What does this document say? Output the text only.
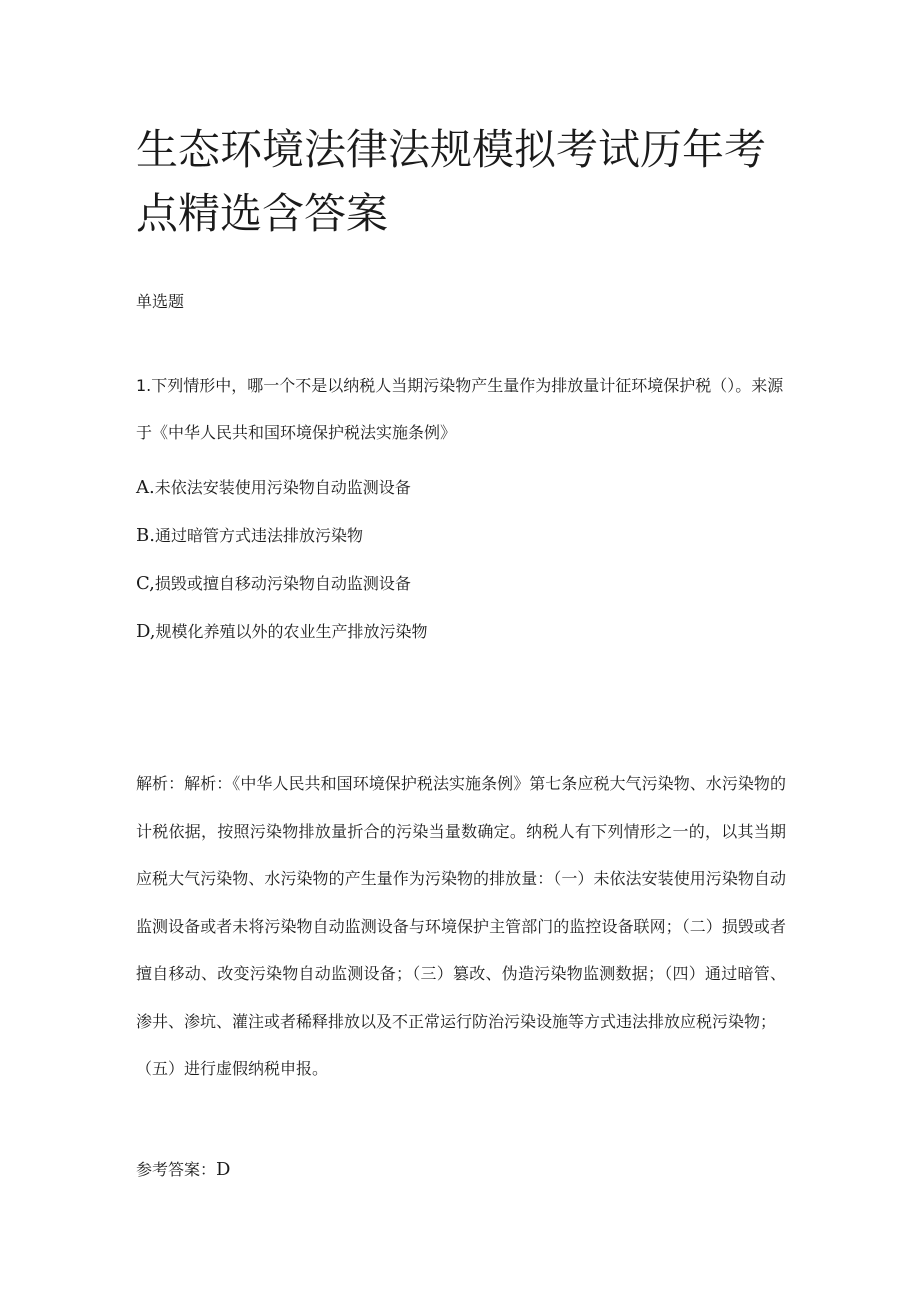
生态环境法律法规模拟考试历年考点精选含答案
单选题
1.下列情形中，哪一个不是以纳税人当期污染物产生量作为排放量计征环境保护税（）。来源于《中华人民共和国环境保护税法实施条例》
A. 未依法安装使用污染物自动监测设备
B. 通过暗管方式违法排放污染物
C, 损毁或擅自移动污染物自动监测设备
D, 规模化养殖以外的农业生产排放污染物

解析：解析：《中华人民共和国环境保护税法实施条例》第七条应税大气污染物、水污染物的计税依据，按照污染物排放量折合的污染当量数确定。纳税人有下列情形之一的，以其当期应税大气污染物、水污染物的产生量作为污染物的排放量：（一）未依法安装使用污染物自动监测设备或者未将污染物自动监测设备与环境保护主管部门的监控设备联网；（二）损毁或者擅自移动、改变污染物自动监测设备；（三）篡改、伪造污染物监测数据；（四）通过暗管、渗井、渗坑、灌注或者稀释排放以及不正常运行防治污染设施等方式违法排放应税污染物；

（五）进行虚假纳税申报。

参考答案：D
